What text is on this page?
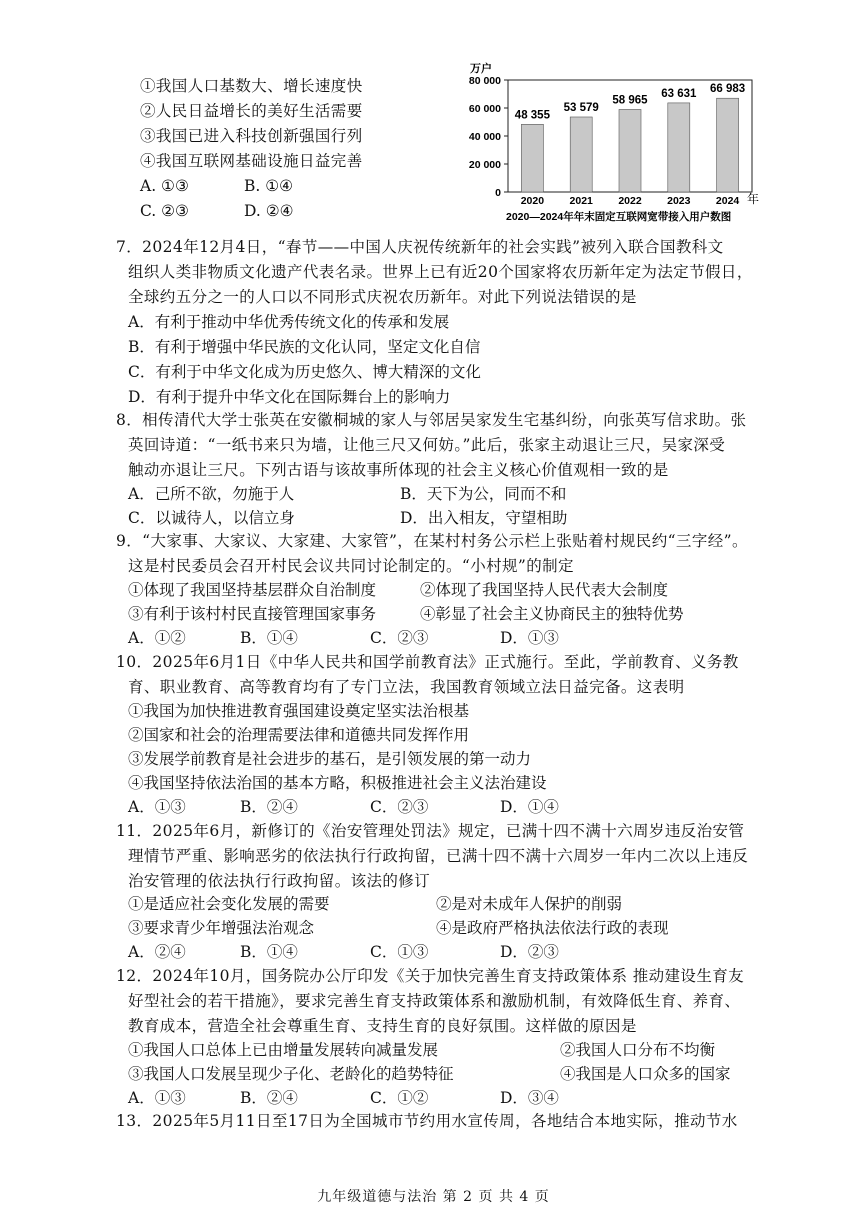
①我国人口基数大、增长速度快
②人民日益增长的美好生活需要
③我国已进入科技创新强国行列
④我国互联网基础设施日益完善
A. ①③	B. ①④
C. ②③	D. ②④
万户
0
20 000
40 000
60 000
80 000
48 355
53 579
58 965
63 631 66 983
2020 2021 2022 2023 2024 年
2020—2024年年末固定互联网宽带接入用户数图
7．2024年12月4日，“春节——中国人庆祝传统新年的社会实践”被列入联合国教科文
组织人类非物质文化遗产代表名录。世界上已有近20个国家将农历新年定为法定节假日，
全球约五分之一的人口以不同形式庆祝农历新年。对此下列说法错误的是
A．有利于推动中华优秀传统文化的传承和发展
B．有利于增强中华民族的文化认同，坚定文化自信
C．有利于中华文化成为历史悠久、博大精深的文化
D．有利于提升中华文化在国际舞台上的影响力
8．相传清代大学士张英在安徽桐城的家人与邻居吴家发生宅基纠纷，向张英写信求助。张
英回诗道：“一纸书来只为墙，让他三尺又何妨。”此后，张家主动退让三尺，吴家深受
触动亦退让三尺。下列古语与该故事所体现的社会主义核心价值观相一致的是
A．己所不欲，勿施于人	B．天下为公，同而不和
C．以诚待人，以信立身	D．出入相友，守望相助
9．“大家事、大家议、大家建、大家管”，在某村村务公示栏上张贴着村规民约“三字经”。
这是村民委员会召开村民会议共同讨论制定的。“小村规”的制定
①体现了我国坚持基层群众自治制度	②体现了我国坚持人民代表大会制度
③有利于该村村民直接管理国家事务	④彰显了社会主义协商民主的独特优势
A．①②	B．①④	C．②③	D．①③
10．2025年6月1日《中华人民共和国学前教育法》正式施行。至此，学前教育、义务教
育、职业教育、高等教育均有了专门立法，我国教育领域立法日益完备。这表明
①我国为加快推进教育强国建设奠定坚实法治根基
②国家和社会的治理需要法律和道德共同发挥作用
③发展学前教育是社会进步的基石，是引领发展的第一动力
④我国坚持依法治国的基本方略，积极推进社会主义法治建设
A．①③	B．②④	C．②③	D．①④
11．2025年6月，新修订的《治安管理处罚法》规定，已满十四不满十六周岁违反治安管
理情节严重、影响恶劣的依法执行行政拘留，已满十四不满十六周岁一年内二次以上违反
治安管理的依法执行行政拘留。该法的修订
①是适应社会变化发展的需要	②是对未成年人保护的削弱
③要求青少年增强法治观念	④是政府严格执法依法行政的表现
A．②④	B．①④	C．①③	D．②③
12．2024年10月，国务院办公厅印发《关于加快完善生育支持政策体系 推动建设生育友
好型社会的若干措施》，要求完善生育支持政策体系和激励机制，有效降低生育、养育、
教育成本，营造全社会尊重生育、支持生育的良好氛围。这样做的原因是
①我国人口总体上已由增量发展转向减量发展	②我国人口分布不均衡
③我国人口发展呈现少子化、老龄化的趋势特征	④我国是人口众多的国家
A．①③	B．②④	C．①②	D．③④
13．2025年5月11日至17日为全国城市节约用水宣传周，各地结合本地实际，推动节水
九年级道德与法治 第 2 页 共 4 页
